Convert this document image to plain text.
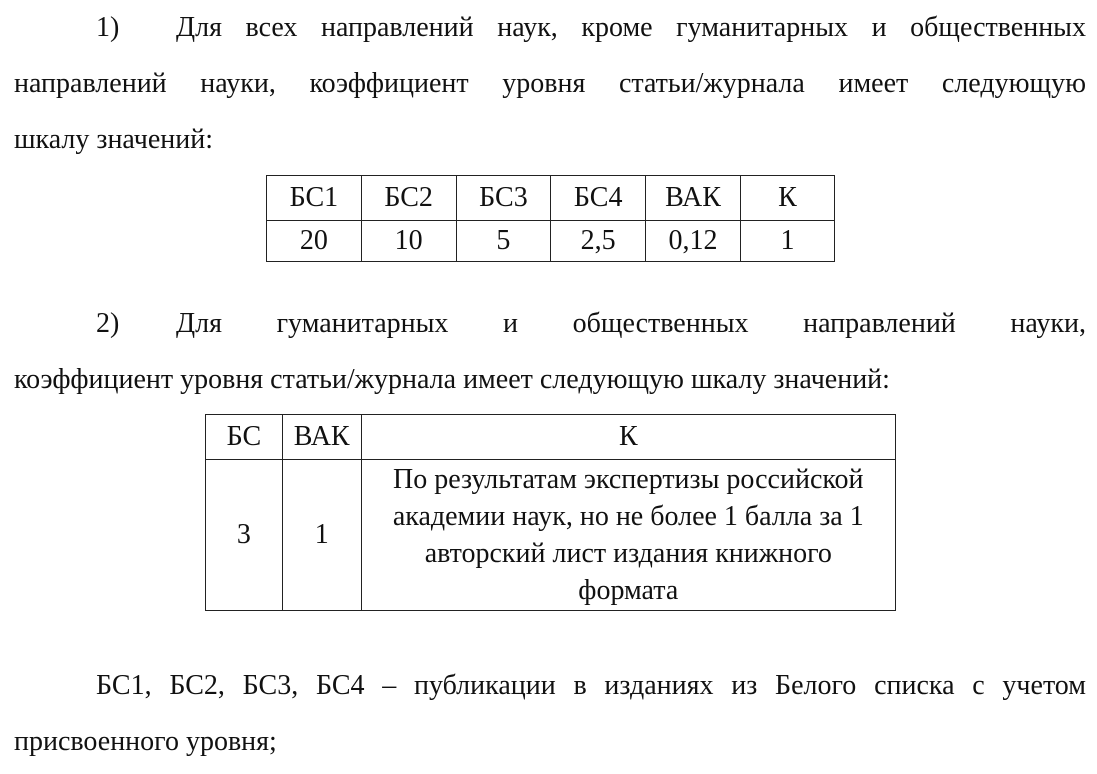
Для всех направлений наук, кроме гуманитарных и общественных
1)
направлений науки, коэффициент уровня статьи/журнала имеет следующую
шкалу значений:
БС1	БС2	БС3	БС4	ВАК	К
20	10	5	2,5	0,12	1
2)	Для гуманитарных и общественных направлений науки,
коэффициент уровня статьи/журнала имеет следующую шкалу значений:
БС	ВАК	К
3	1	По результатам экспертизы российской академии наук, но не более 1 балла за 1 авторский лист издания книжного формата
БС1, БС2, БС3, БС4 – публикации в изданиях из Белого списка с учетом
присвоенного уровня;
